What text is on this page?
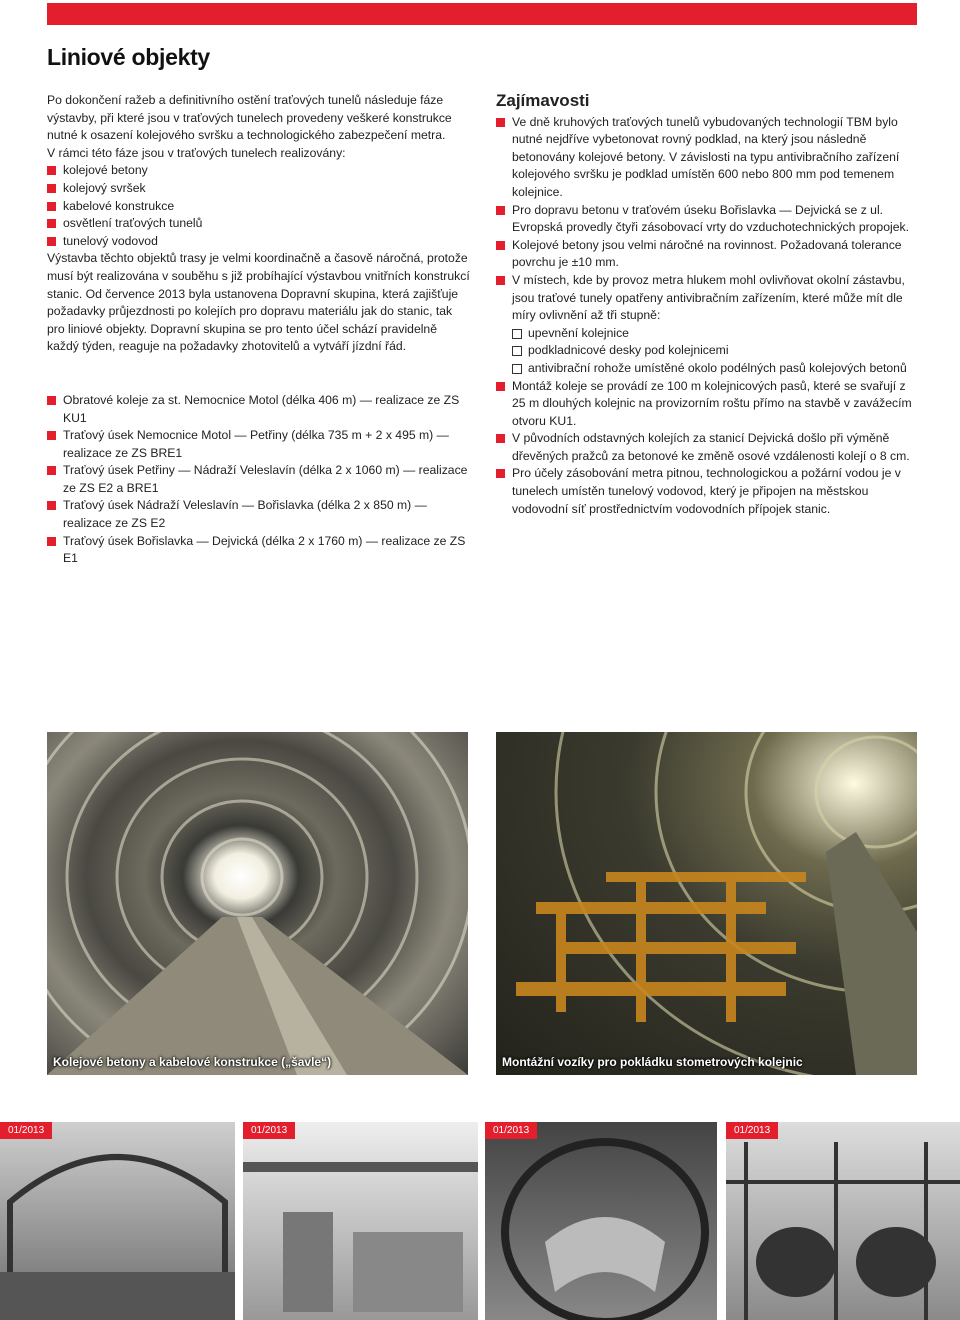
Liniové objekty

Po dokončení ražeb a definitivního ostění traťových tunelů následuje fáze výstavby, při které jsou v traťových tunelech provedeny veškeré konstrukce nutné k osazení kolejového svršku a technologického zabezpečení metra.

V rámci této fáze jsou v traťových tunelech realizovány:

kolejové betony
kolejový svršek
kabelové konstrukce
osvětlení traťových tunelů
tunelový vodovod

Výstavba těchto objektů trasy je velmi koordinačně a časově náročná, protože musí být realizována v souběhu s již probíhající výstavbou vnitřních konstrukcí stanic. Od července 2013 byla ustanovena Dopravní skupina, která zajišťuje požadavky průjezdnosti po kolejích pro dopravu materiálu jak do stanic, tak pro liniové objekty. Dopravní skupina se pro tento účel schází pravidelně každý týden, reaguje na požadavky zhotovitelů a vytváří jízdní řád.

Obratové koleje za st. Nemocnice Motol (délka 406 m) — realizace ze ZS KU1
Traťový úsek Nemocnice Motol — Petřiny (délka 735 m + 2 x 495 m) — realizace ze ZS BRE1
Traťový úsek Petřiny — Nádraží Veleslavín (délka 2 x 1060 m) — realizace ze ZS E2 a BRE1
Traťový úsek Nádraží Veleslavín — Bořislavka (délka 2 x 850 m) — realizace ze ZS E2
Traťový úsek Bořislavka — Dejvická (délka 2 x 1760 m) — realizace ze ZS E1
Zajímavosti
Ve dně kruhových traťových tunelů vybudovaných technologií TBM bylo nutné nejdříve vybetonovat rovný podklad, na který jsou následně betonovány kolejové betony. V závislosti na typu antivibračního zařízení kolejového svršku je podklad umístěn 600 nebo 800 mm pod temenem kolejnice.
Pro dopravu betonu v traťovém úseku Bořislavka — Dejvická se z ul. Evropská provedly čtyři zásobovací vrty do vzduchotechnických propojek.
Kolejové betony jsou velmi náročné na rovinnost. Požadovaná tolerance povrchu je ±10 mm.
V místech, kde by provoz metra hlukem mohl ovlivňovat okolní zástavbu, jsou traťové tunely opatřeny antivibračním zařízením, které může mít dle míry ovlivnění až tři stupně:
upevnění kolejnice
podkladnicové desky pod kolejnicemi
antivibrační rohože umístěné okolo podélných pasů kolejových betonů
Montáž koleje se provádí ze 100 m kolejnicových pasů, které se svařují z 25 m dlouhých kolejnic na provizorním roštu přímo na stavbě v zavážecím otvoru KU1.
V původních odstavných kolejích za stanicí Dejvická došlo při výměně dřevěných pražců za betonové ke změně osové vzdálenosti kolejí o 8 cm.
Pro účely zásobování metra pitnou, technologickou a požární vodou je v tunelech umístěn tunelový vodovod, který je připojen na městskou vodovodní síť prostřednictvím vodovodních přípojek stanic.
Kolejové betony a kabelové konstrukce („šavle“)	Montážní vozíky pro pokládku stometrových kolejnic
01/2013	01/2013	01/2013	01/2013
